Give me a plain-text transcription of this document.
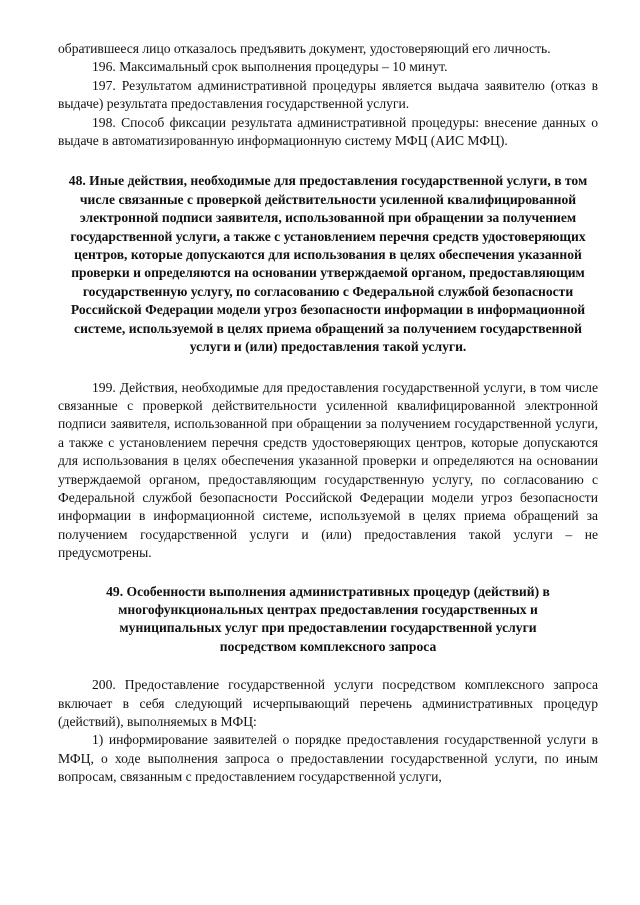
обратившееся лицо отказалось предъявить документ, удостоверяющий его личность.

196. Максимальный срок выполнения процедуры – 10 минут.

197. Результатом административной процедуры является выдача заявителю (отказ в выдаче) результата предоставления государственной услуги.

198. Способ фиксации результата административной процедуры: внесение данных о выдаче в автоматизированную информационную систему МФЦ (АИС МФЦ).

48. Иные действия, необходимые для предоставления государственной услуги, в том числе связанные с проверкой действительности усиленной квалифицированной электронной подписи заявителя, использованной при обращении за получением государственной услуги, а также с установлением перечня средств удостоверяющих центров, которые допускаются для использования в целях обеспечения указанной проверки и определяются на основании утверждаемой органом, предоставляющим государственную услугу, по согласованию с Федеральной службой безопасности Российской Федерации модели угроз безопасности информации в информационной системе, используемой в целях приема обращений за получением государственной услуги и (или) предоставления такой услуги.

199. Действия, необходимые для предоставления государственной услуги, в том числе связанные с проверкой действительности усиленной квалифицированной электронной подписи заявителя, использованной при обращении за получением государственной услуги, а также с установлением перечня средств удостоверяющих центров, которые допускаются для использования в целях обеспечения указанной проверки и определяются на основании утверждаемой органом, предоставляющим государственную услугу, по согласованию с Федеральной службой безопасности Российской Федерации модели угроз безопасности информации в информационной системе, используемой в целях приема обращений за получением государственной услуги и (или) предоставления такой услуги – не предусмотрены.

49. Особенности выполнения административных процедур (действий) в многофункциональных центрах предоставления государственных и муниципальных услуг при предоставлении государственной услуги посредством комплексного запроса

200. Предоставление государственной услуги посредством комплексного запроса включает в себя следующий исчерпывающий перечень административных процедур (действий), выполняемых в МФЦ:

1) информирование заявителей о порядке предоставления государственной услуги в МФЦ, о ходе выполнения запроса о предоставлении государственной услуги, по иным вопросам, связанным с предоставлением государственной услуги,
